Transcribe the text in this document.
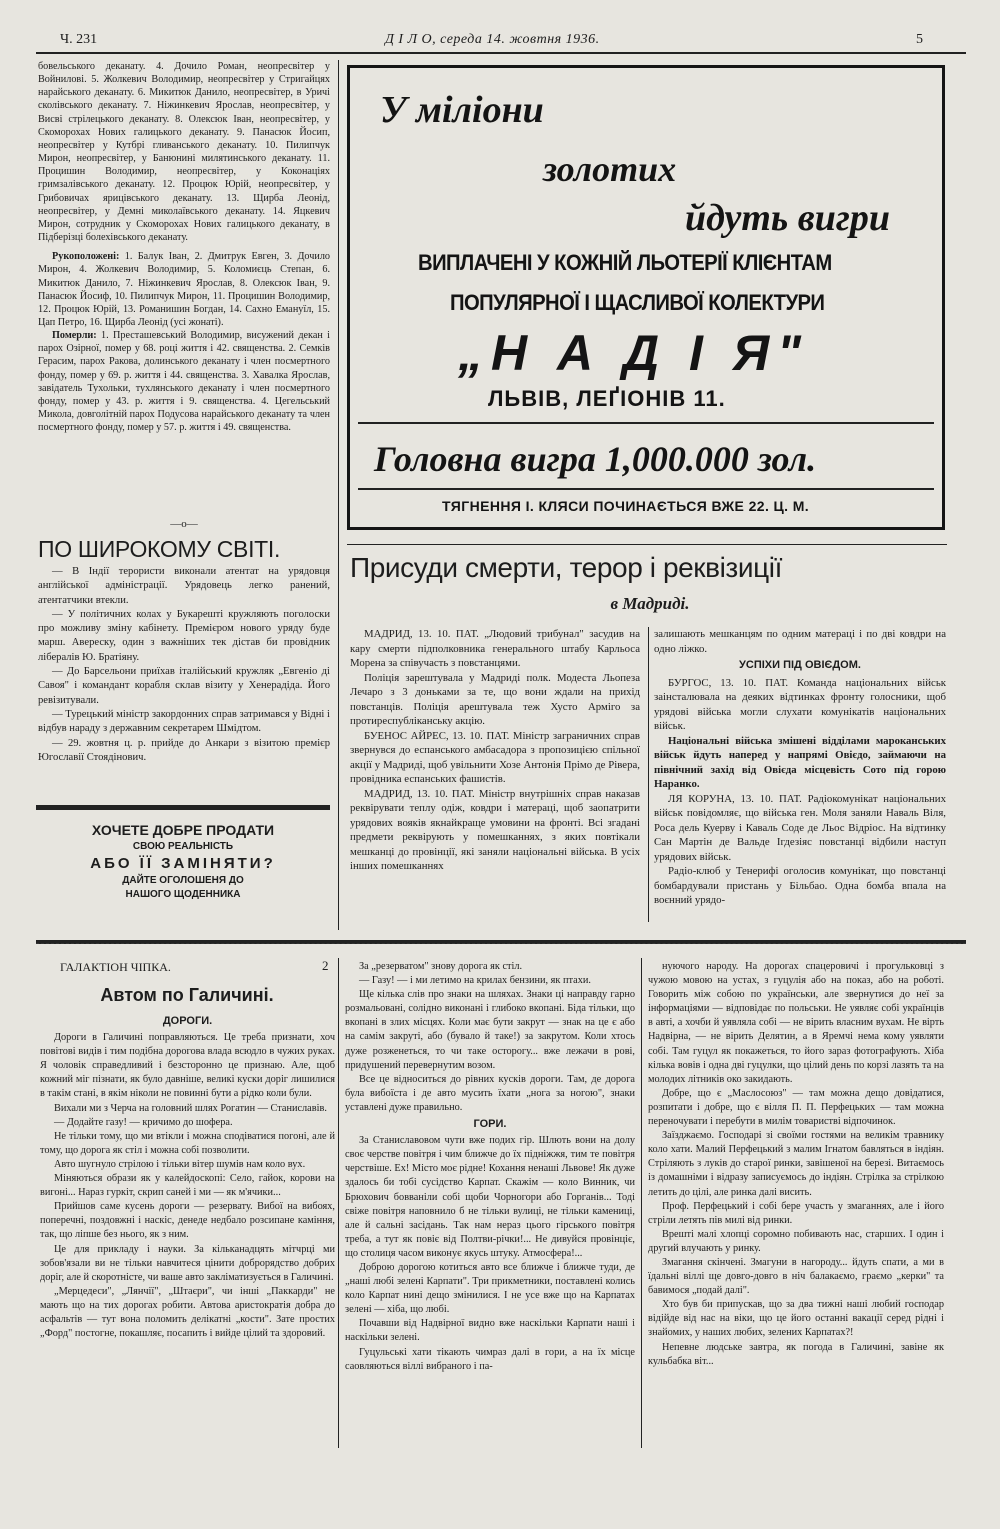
Ч. 231	Д І Л О, середа 14. жовтня 1936.	5

бовельського деканату. 4. Дочило Роман, неопресвітер у Войнилові. 5. Жолкевич Володимир, неопресвітер у Стригайцях нарайського деканату. 6. Микитюк Данило, неопресвітер, в Уричі сколівського деканату. 7. Ніжинкевич Ярослав, неопресвітер, у Висві стрілецького деканату. 8. Олексюк Іван, неопресвітер, у Скоморохах Нових галицького деканату. 9. Панасюк Йосип, неопресвітер у Кутбрі гливанського деканату. 10. Пилипчук Мирон, неопресвітер, у Банюнині милятинського деканату. 11. Процишин Володимир, неопресвітер, у Коконаціях гримзалівського деканату. 12. Процюк Юрій, неопресвітер, у Грибовичах ярицівського деканату. 13. Щирба Леонід, неопресвітер, у Демні миколаївського деканату. 14. Яцкевич Мирон, сотрудник у Скоморохах Нових галицького деканату, в Підберізці болехівського деканату.

Рукоположені: 1. Балук Іван, 2. Дмитрук Евген, 3. Дочило Мирон, 4. Жолкевич Володимир, 5. Коломиєць Степан, 6. Микитюк Данило, 7. Ніжинкевич Ярослав, 8. Олексюк Іван, 9. Панасюк Йосиф, 10. Пилипчук Мирон, 11. Процишин Володимир, 12. Процюк Юрій, 13. Романишин Богдан, 14. Сахно Емануїл, 15. Цап Петро, 16. Щирба Леонід (усі жонаті).

Померли: 1. Престашевський Володимир, висужений декан і парох Озірної, помер у 68. році життя і 42. священства. 2. Семків Герасим, парох Ракова, долинського деканату і член посмертного фонду, помер у 69. р. життя і 44. священства. 3. Хавалка Ярослав, завідатель Тухольки, тухлянського деканату і член посмертного фонду, помер у 43. р. життя і 9. священства. 4. Цегельський Микола, довголітній парох Подусова нарайського деканату та член посмертного фонду, помер у 57. р. життя і 49. священства.

—о—
ПО ШИРОКОМУ СВІТІ.

— В Індії терористи виконали атентат на урядовця англійської адміністрації. Урядовець легко ранений, атентатчики втекли.

— У політичних колах у Букарешті кружляють поголоски про можливу зміну кабінету. Премієром нового уряду буде марш. Авереску, один з важніших тек дістав би провідник лібералів Ю. Братіяну.

— До Барсельони приїхав італійський кружляк „Евгеніо ді Савоя" і командант корабля склав візиту у Хенерадіда. Його ревізитували.

— Турецький міністр закордонних справ затримався у Відні і відбув нараду з державним секретарем Шмідтом.

— 29. жовтня ц. р. прийде до Анкари з візитою премієр Югославії Стоядінович.

ХОЧЕТЕ ДОБРЕ ПРОДАТИ
СВОЮ РЕАЛЬНІСТЬ
АБО ЇЇ ЗАМІНЯТИ?
ДАЙТЕ ОГОЛОШЕНЯ ДО
НАШОГО ЩОДЕННИКА
У міліони
золотих
йдуть вигри
ВИПЛАЧЕНІ У КОЖНІЙ ЛЬОТЕРІЇ КЛІЄНТАМ
ПОПУЛЯРНОЇ І ЩАСЛИВОЇ КОЛЕКТУРИ
„Н А Д І Я"
ЛЬВІВ, ЛЕҐІОНІВ 11.
Головна вигра 1,000.000 зол.
ТЯГНЕННЯ I. КЛЯСИ ПОЧИНАЄТЬСЯ ВЖЕ 22. Ц. М.
Присуди смерти, терор і реквізиції
в Мадриді.

МАДРИД, 13. 10. ПАТ. „Людовий трибунал" засудив на кару смерти підполковника генерального штабу Карльоса Морена за співучасть з повстанцями.

Поліція зарештувала у Мадриді полк. Модеста Льопеза Лечаро з 3 доньками за те, що вони ждали на прихід повстанців. Поліція арештувала теж Хусто Арміго за протиреспубліканську акцію.

БУЕНОС АЙРЕС, 13. 10. ПАТ. Міністр заграничних справ звернувся до еспанського амбасадора з пропозицією спільної акції у Мадриді, щоб увільнити Хозе Антонія Прімо де Рівера, провідника еспанських фашистів.

МАДРИД, 13. 10. ПАТ. Міністр внутрішніх справ наказав реквірувати теплу одіж, ковдри і матераці, щоб заопатрити урядових вояків якнайкраще умовини на фронті. Всі згадані предмети реквірують у помешканнях, з яких повтікали мешканці до провінції, які заняли національні війська. В усіх інших помешканнях

залишають мешканцям по одним матераці і по дві ковдри на одно ліжко.

УСПІХИ ПІД ОВІЄДОМ.

БУРГОС, 13. 10. ПАТ. Команда національних військ заінсталювала на деяких відтинках фронту голосники, щоб урядові війська могли слухати комунікатів національних військ.

Національні війська змішені відділами мароканських військ йдуть наперед у напрямі Овієдо, займаючи на північний захід від Овієда місцевість Сото під горою Наранко.

ЛЯ КОРУНА, 13. 10. ПАТ. Радіокомунікат національних військ повідомляє, що війська ген. Моля заняли Наваль Віля, Роса дель Куерву і Каваль Соде де Льос Відріос. На відтинку Сан Мартін де Вальде Ігдезіяс повстанці відбили наступ урядових військ.

Радіо-клюб у Тенерифі оголосив комунікат, що повстанці бомбардували пристань у Більбао. Одна бомба впала на воєнний урядо-

ГАЛАКТІОН ЧІПКА.	2
Автом по Галичині.
ДОРОГИ.

Дороги в Галичині поправляються. Це треба признати, хоч повітові видів і тим подібна дорогова влада всюдло в чужих руках. Я чоловік справедливий і безсторонно це признаю. Але, щоб кожний міг пізнати, як було давніше, великі куски доріг лишилися в такім стані, в якім ніколи не повинні бути а рідко коли були.

Вихали ми з Черча на головний шлях Рогатин — Станиславів.

— Додайте газу! — кричимо до шофера.

Не тільки тому, що ми втікли і можна сподіватися погоні, але й тому, що дорога як стіл і можна собі позволити.

Авто шугнуло стрілою і тільки вітер шумів нам коло вух.

Міняються образи як у калейдоскопі: Село, гайок, корови на вигоні... Нараз гуркіт, скрип саней і ми — як м'ячики...

Прийшов саме кусень дороги — резервату. Вибої на вибоях, поперечні, поздовжні і наскіс, денеде недбало розсипане каміння, так, що ліпше без нього, як з ним.

Це для прикладу і науки. За кільканадцять мітчрці ми зобов'язали ви не тільки навчитеся цінити доброрядство добрих доріг, але й скоротністе, чи ваше авто закліматизується в Галичині.

„Мерцедеси", „Лянчії", „Штаєри", чи інші „Паккарди" не мають що на тих дорогах робити. Автова аристократія добра до асфальтів — тут вона поломить делікатні „кости". Зате простих „Форд" постогне, покашляє, посапить і вийде цілий та здоровий.

За „резерватом" знову дорога як стіл.

— Газу! — і ми летимо на крилах бензини, як птахи.

Ще кілька слів про знаки на шляхах. Знаки ці направду гарно розмальовані, солідно виконані і глибоко вкопані. Біда тільки, що вкопані в злих місцях. Коли має бути закрут — знак на це є або на самім закруті, або (бувало й таке!) за закрутом. Коли хтось дуже розженеться, то чи таке осторогу... вже лежачи в рові, придушений перевернутим возом.

Все це відноситься до рівних кусків дороги. Там, де дорога була вибоїста і де авто мусить їхати „нога за ногою", знаки уставлені дуже правильно.

ГОРИ.

За Станиславовом чути вже подих гір. Шлють вони на долу своє черстве повітря і чим ближче до їх підніжжя, тим те повітря черствіше. Ех! Місто моє рідне! Кохання ненаші Львове! Як дуже здалось би тобі сусідство Карпат. Скажім — коло Винник, чи Брюхович бовваніли собі щоби Чорногори або Горганів... Тоді свіже повітря наповнило б не тільки вулиці, не тільки камениці, але й сальні засідань. Так нам нераз цього гірського повітря треба, а тут як повіє від Полтви-річки!... Не дивуйся провінціє, що столиця часом виконує якусь штуку. Атмосфера!...

Доброю дорогою котиться авто все ближче і ближче туди, де „наші любі зелені Карпати". Три прикметники, поставлені колись коло Карпат нині дещо змінилися. І не усе вже що на Карпатах зелені — хіба, що любі.

Почавши від Надвірної видно вже наскільки Карпати наші і наскільки зелені.

Гуцульські хати тікають чимраз далі в гори, а на їх місце саовляються віллі вибраного і па-

нуючого народу. На дорогах спацеровичі і прогульковці з чужою мовою на устах, з гуцулія або на показ, або на роботі. Говорить між собою по українськи, але звернутися до неї за інформаціями — відповідає по польськи. Не уявляє собі українців в авті, а хочби й уявляла собі — не вірить власним вухам. Не вірть Надвірна, — не вірить Делятин, а в Яремчі нема кому уявляти собі. Там гуцул як покажеться, то його зараз фотографують. Хіба кілька вовів і одна дві гуцулки, що цілий день по корзі лазять та на молодих літників око закидають.

Добре, що є „Маслосоюз" — там можна дещо довідатися, розпитати і добре, що є вілля П. П. Перфецьких — там можна переночувати і перебути в милім товаристві відпочинок.

Заїзджаємо. Господарі зі своїми гостями на великім травнику коло хати. Малий Перфецький з малим Ігнатом бавляться в індіян. Стріляють з луків до старої ринки, завішеної на березі. Витаємось із домашніми і відразу записуємось до індіян. Стрілка за стрілкою летить до цілі, але ринка далі висить.

Проф. Перфецький і собі бере участь у змаганнях, але і його стріли летять пів милі від ринки.

Врешті малі хлопці соромно побивають нас, старших. І один і другий влучають у ринку.

Змагання скінчені. Змагуни в нагороду... йдуть спати, а ми в їдальні віллі ще довго-довго в ніч балакаємо, граємо „керки" та бавимося „подай далі".

Хто був би припускав, що за два тижні наші любий господар відійде від нас на віки, що це його останні вакації серед рідні і знайомих, у наших любих, зелених Карпатах?!

Непевне людське завтра, як погода в Галичині, завіне як кульбабка віт...
